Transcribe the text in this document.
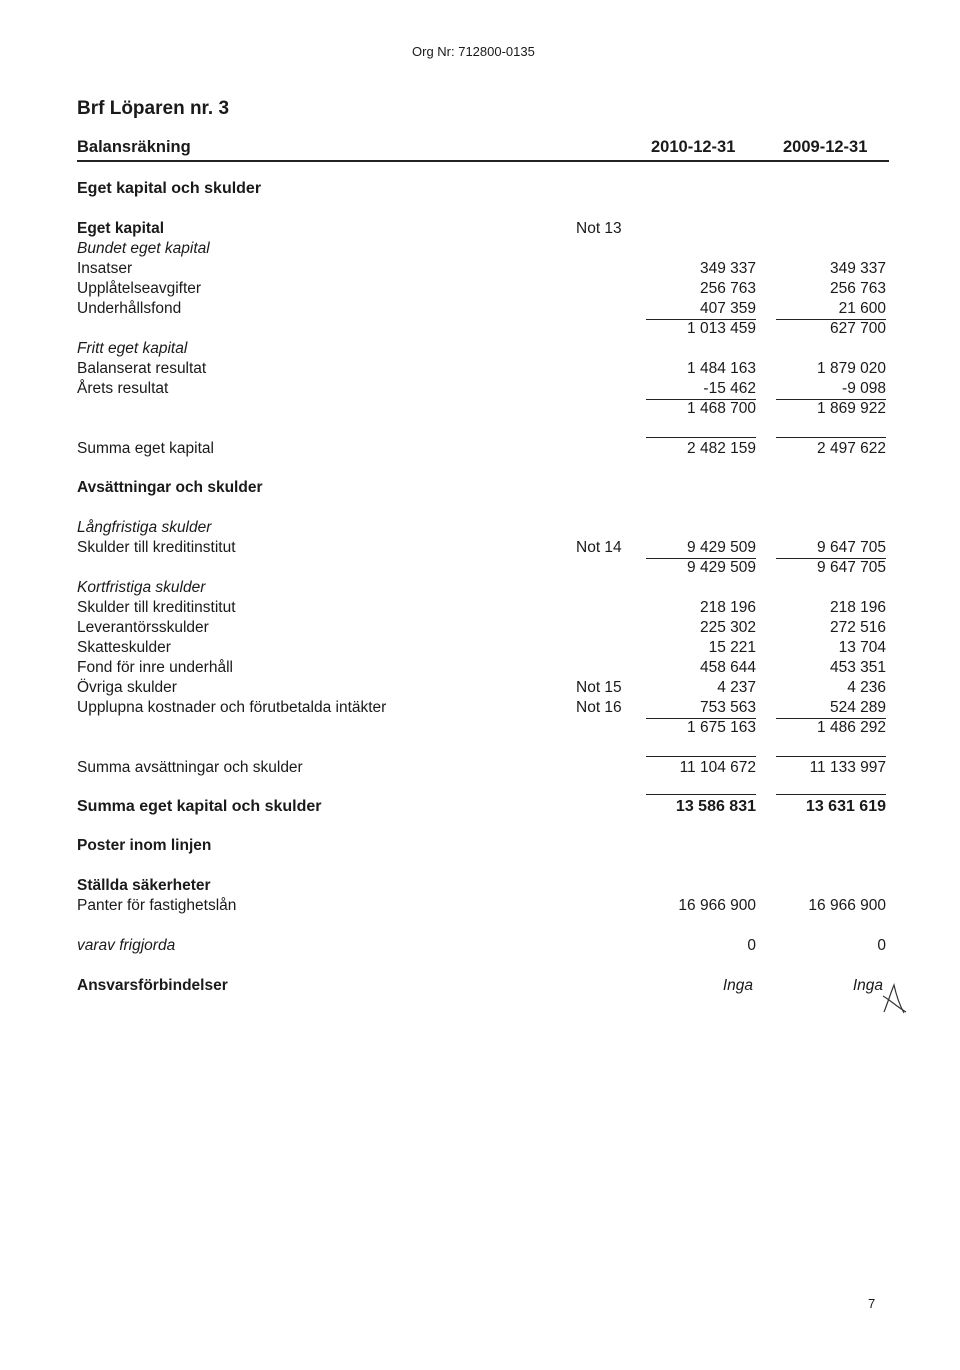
Org Nr: 712800-0135
Brf Löparen nr. 3
Balansräkning	2010-12-31	2009-12-31
Eget kapital och skulder
Eget kapital	Not 13
Bundet eget kapital
Insatser	349 337	349 337
Upplåtelseavgifter	256 763	256 763
Underhållsfond	407 359	21 600
1 013 459	627 700
Fritt eget kapital
Balanserat resultat	1 484 163	1 879 020
Årets resultat	-15 462	-9 098
1 468 700	1 869 922
Summa eget kapital	2 482 159	2 497 622
Avsättningar och skulder
Långfristiga skulder
Skulder till kreditinstitut	Not 14	9 429 509	9 647 705
9 429 509	9 647 705
Kortfristiga skulder
Skulder till kreditinstitut	218 196	218 196
Leverantörsskulder	225 302	272 516
Skatteskulder	15 221	13 704
Fond för inre underhåll	458 644	453 351
Övriga skulder	Not 15	4 237	4 236
Upplupna kostnader och förutbetalda intäkter	Not 16	753 563	524 289
1 675 163	1 486 292
Summa avsättningar och skulder	11 104 672	11 133 997
Summa eget kapital och skulder	13 586 831	13 631 619
Poster inom linjen
Ställda säkerheter
Panter för fastighetslån	16 966 900	16 966 900
varav frigjorda	0	0
Ansvarsförbindelser	Inga	Inga
7
